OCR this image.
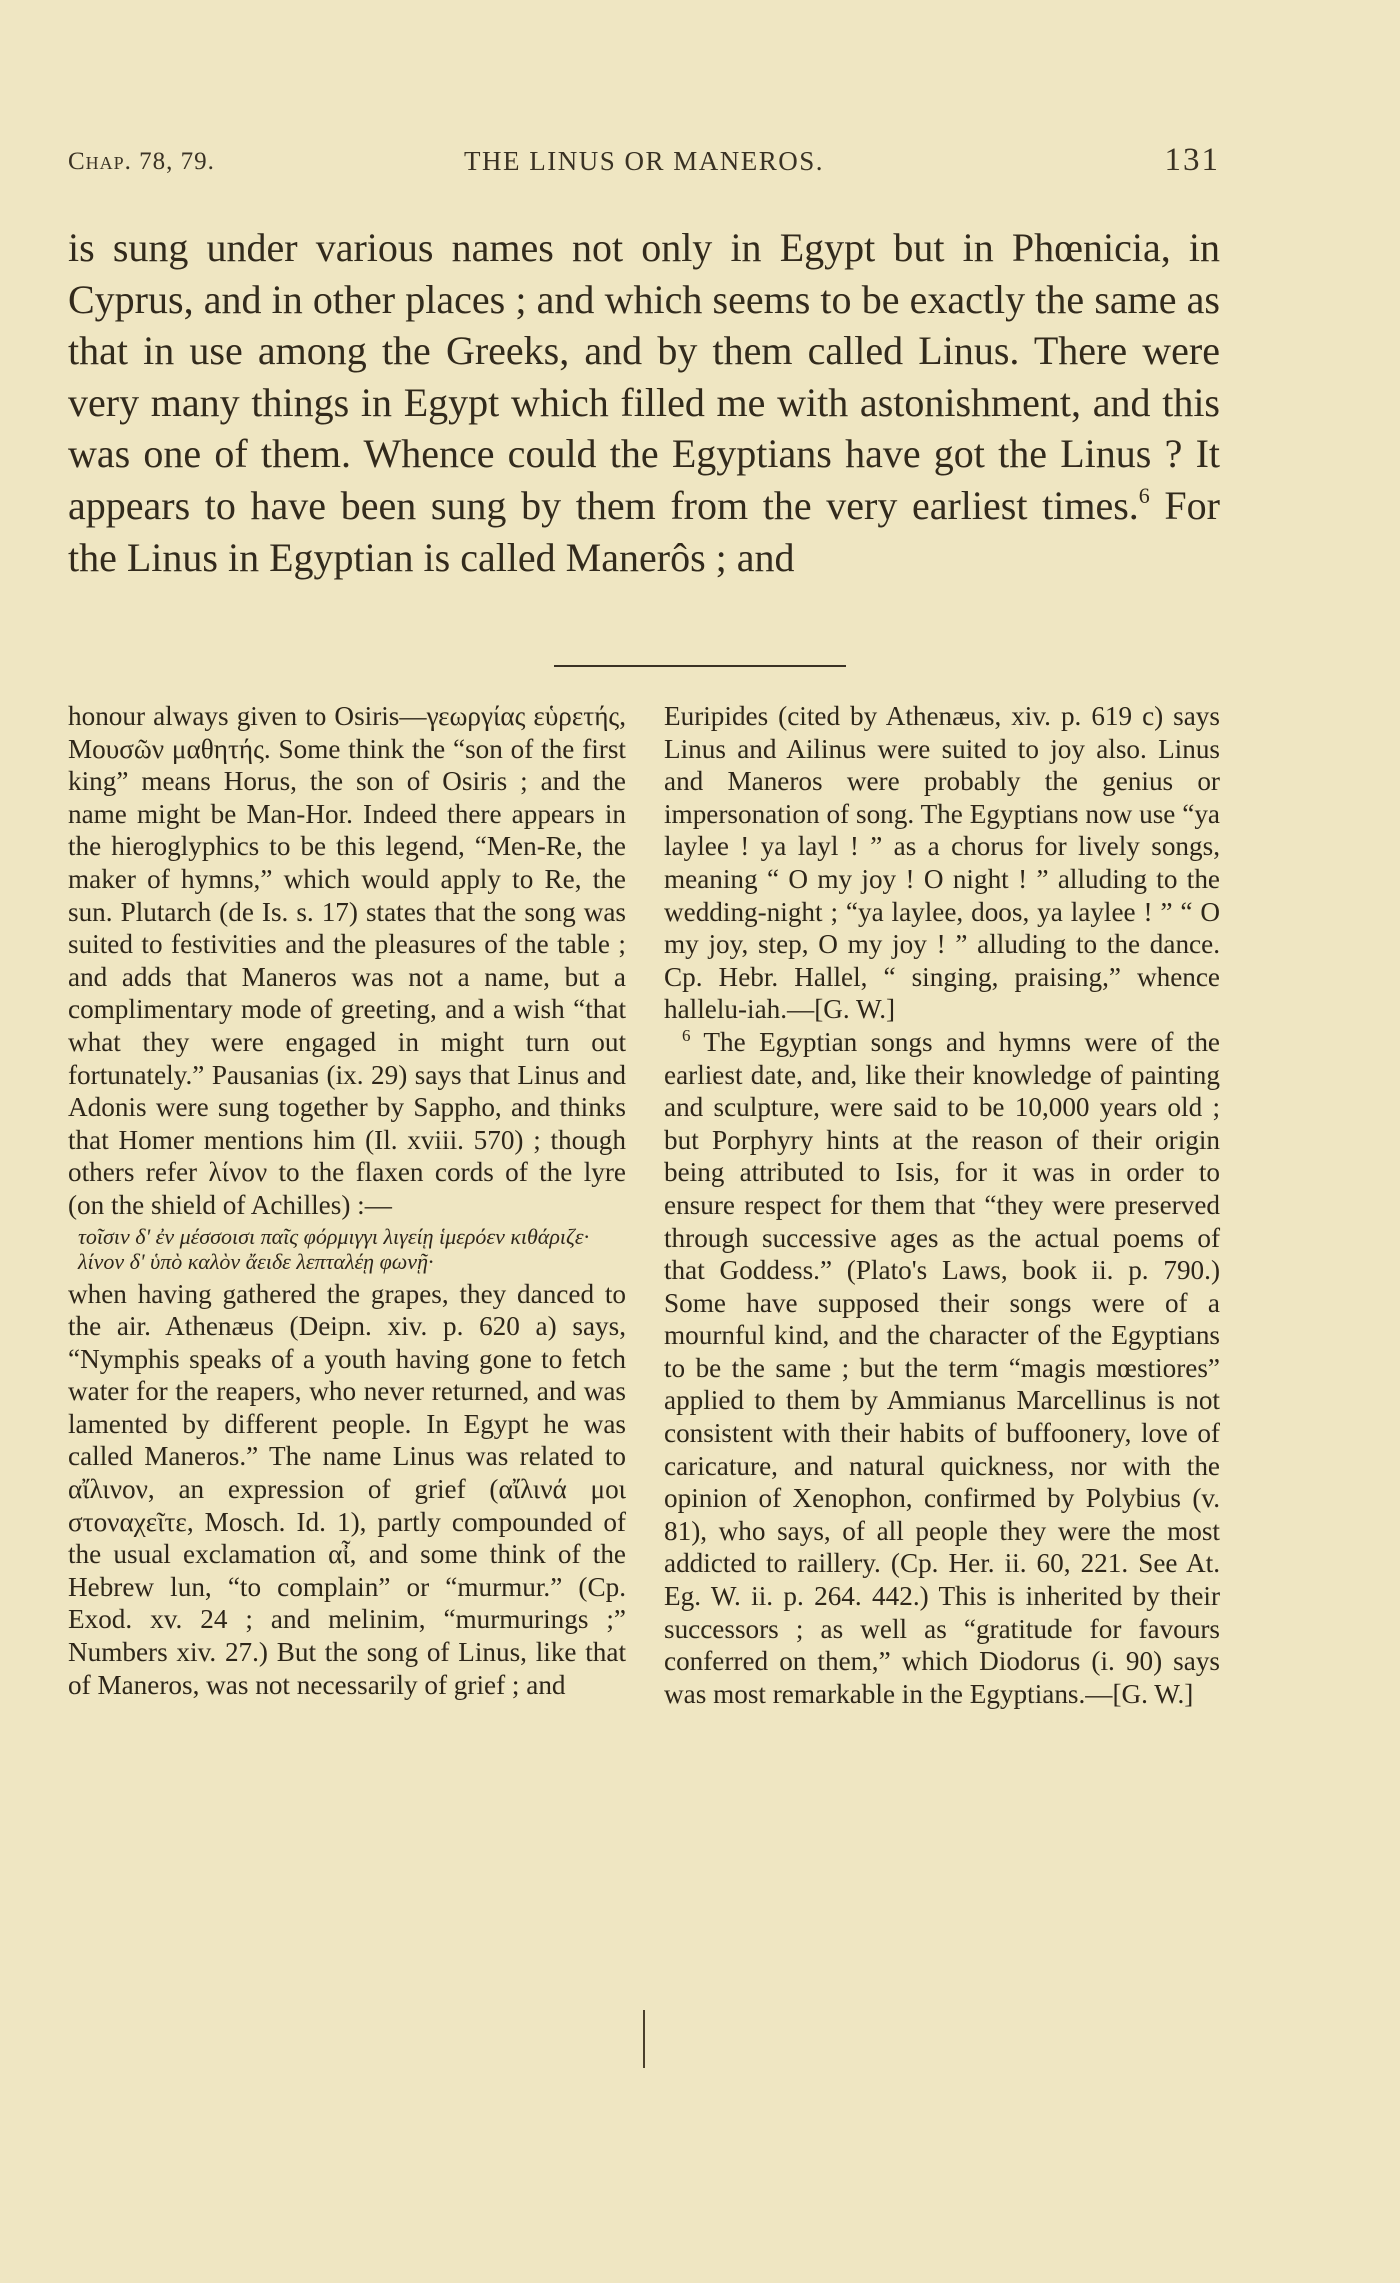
Chap. 78, 79.	THE LINUS OR MANEROS.	131

is sung under various names not only in Egypt but in Phœnicia, in Cyprus, and in other places ; and which seems to be exactly the same as that in use among the Greeks, and by them called Linus. There were very many things in Egypt which filled me with astonishment, and this was one of them. Whence could the Egyptians have got the Linus ? It appears to have been sung by them from the very earliest times.$^6$ For the Linus in Egyptian is called Manerôs ; and

honour always given to Osiris—γεωργίας εὑρετής, Μουσῶν μαθητής. Some think the “son of the first king” means Horus, the son of Osiris ; and the name might be Man-Hor. Indeed there appears in the hieroglyphics to be this legend, “Men-Re, the maker of hymns,” which would apply to Re, the sun. Plutarch (de Is. s. 17) states that the song was suited to festivities and the pleasures of the table ; and adds that Maneros was not a name, but a complimentary mode of greeting, and a wish “that what they were engaged in might turn out fortunately.” Pausanias (ix. 29) says that Linus and Adonis were sung together by Sappho, and thinks that Homer mentions him (Il. xviii. 570) ; though others refer λίνον to the flaxen cords of the lyre (on the shield of Achilles) :—

τοῖσιν δ' ἐν μέσσοισι παῖς φόρμιγγι λιγείῃ ἱμερόεν κιθάριζε· λίνον δ' ὑπὸ καλὸν ἄειδε λεπταλέῃ φωνῇ·

when having gathered the grapes, they danced to the air. Athenæus (Deipn. xiv. p. 620 a) says, “Nymphis speaks of a youth having gone to fetch water for the reapers, who never returned, and was lamented by different people. In Egypt he was called Maneros.” The name Linus was related to αἴλινον, an expression of grief (αἴλινά μοι στοναχεῖτε, Mosch. Id. 1), partly compounded of the usual exclamation αἶ, and some think of the Hebrew lun, “to complain” or “murmur.” (Cp. Exod. xv. 24 ; and melinim, “murmurings ;” Numbers xiv. 27.) But the song of Linus, like that of Maneros, was not necessarily of grief ; and

Euripides (cited by Athenæus, xiv. p. 619 c) says Linus and Ailinus were suited to joy also. Linus and Maneros were probably the genius or impersonation of song. The Egyptians now use “ya laylee ! ya layl ! ” as a chorus for lively songs, meaning “ O my joy ! O night ! ” alluding to the wedding-night ; “ya laylee, doos, ya laylee ! ” “ O my joy, step, O my joy ! ” alluding to the dance. Cp. Hebr. Hallel, “ singing, praising,” whence hallelu-iah.—[G. W.]

$^6$ The Egyptian songs and hymns were of the earliest date, and, like their knowledge of painting and sculpture, were said to be 10,000 years old ; but Porphyry hints at the reason of their origin being attributed to Isis, for it was in order to ensure respect for them that “they were preserved through successive ages as the actual poems of that Goddess.” (Plato's Laws, book ii. p. 790.) Some have supposed their songs were of a mournful kind, and the character of the Egyptians to be the same ; but the term “magis mœstiores” applied to them by Ammianus Marcellinus is not consistent with their habits of buffoonery, love of caricature, and natural quickness, nor with the opinion of Xenophon, confirmed by Polybius (v. 81), who says, of all people they were the most addicted to raillery. (Cp. Her. ii. 60, 221. See At. Eg. W. ii. p. 264. 442.) This is inherited by their successors ; as well as “gratitude for favours conferred on them,” which Diodorus (i. 90) says was most remarkable in the Egyptians.—[G. W.]
